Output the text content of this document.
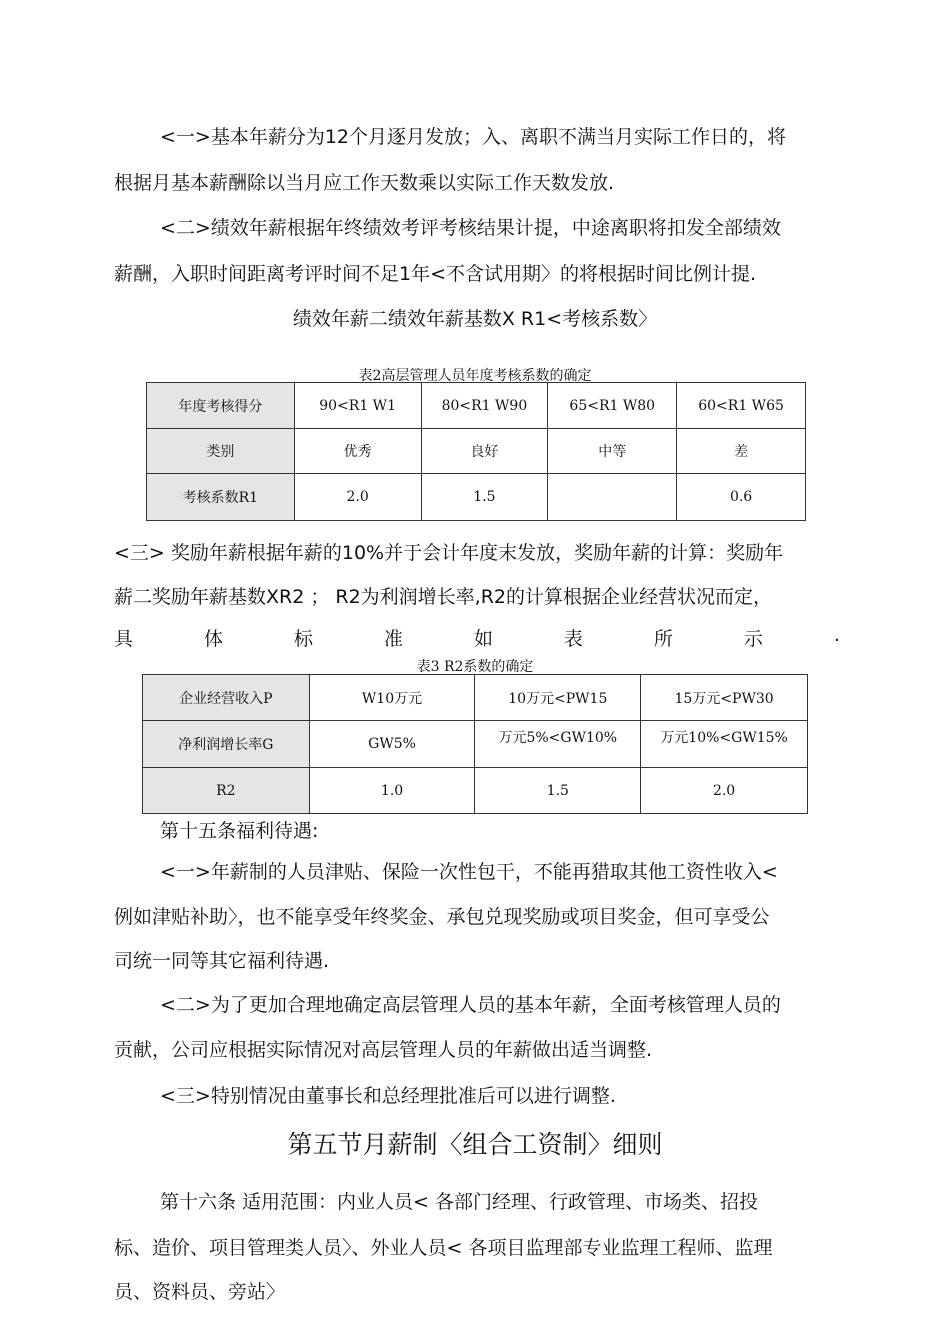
<一>基本年薪分为12个月逐月发放；入、离职不满当月实际工作日的，将
根据月基本薪酬除以当月应工作天数乘以实际工作天数发放.
<二>绩效年薪根据年终绩效考评考核结果计提，中途离职将扣发全部绩效
薪酬，入职时间距离考评时间不足1年<不含试用期〉的将根据时间比例计提.
绩效年薪二绩效年薪基数X R1<考核系数〉
表2高层管理人员年度考核系数的确定
年度考核得分	90<R1 W1	80<R1 W90	65<R1 W80	60<R1 W65
类别	优秀	良好	中等	差
考核系数R1	2.0	1.5		0.6
<三> 奖励年薪根据年薪的10%并于会计年度末发放，奖励年薪的计算：奖励年
薪二奖励年薪基数XR2 ； R2为利润增长率,R2的计算根据企业经营状况而定，
具	体	标	准	如	表	所	示	.
表3 R2系数的确定
企业经营收入P	W10万元	10万元<PW15	15万元<PW30
净利润增长率G	GW5%	万元5%<GW10%	万元10%<GW15%
R2	1.0	1.5	2.0
第十五条福利待遇:
<一>年薪制的人员津贴、保险一次性包干，不能再猎取其他工资性收入<
例如津贴补助〉，也不能享受年终奖金、承包兑现奖励或项目奖金，但可享受公
司统一同等其它福利待遇.
<二>为了更加合理地确定高层管理人员的基本年薪，全面考核管理人员的
贡献，公司应根据实际情况对高层管理人员的年薪做出适当调整.
<三>特别情况由董事长和总经理批准后可以进行调整.
第五节月薪制〈组合工资制〉细则
第十六条 适用范围：内业人员< 各部门经理、行政管理、市场类、招投
标、造价、项目管理类人员〉、外业人员< 各项目监理部专业监理工程师、监理
员、资料员、旁站〉
